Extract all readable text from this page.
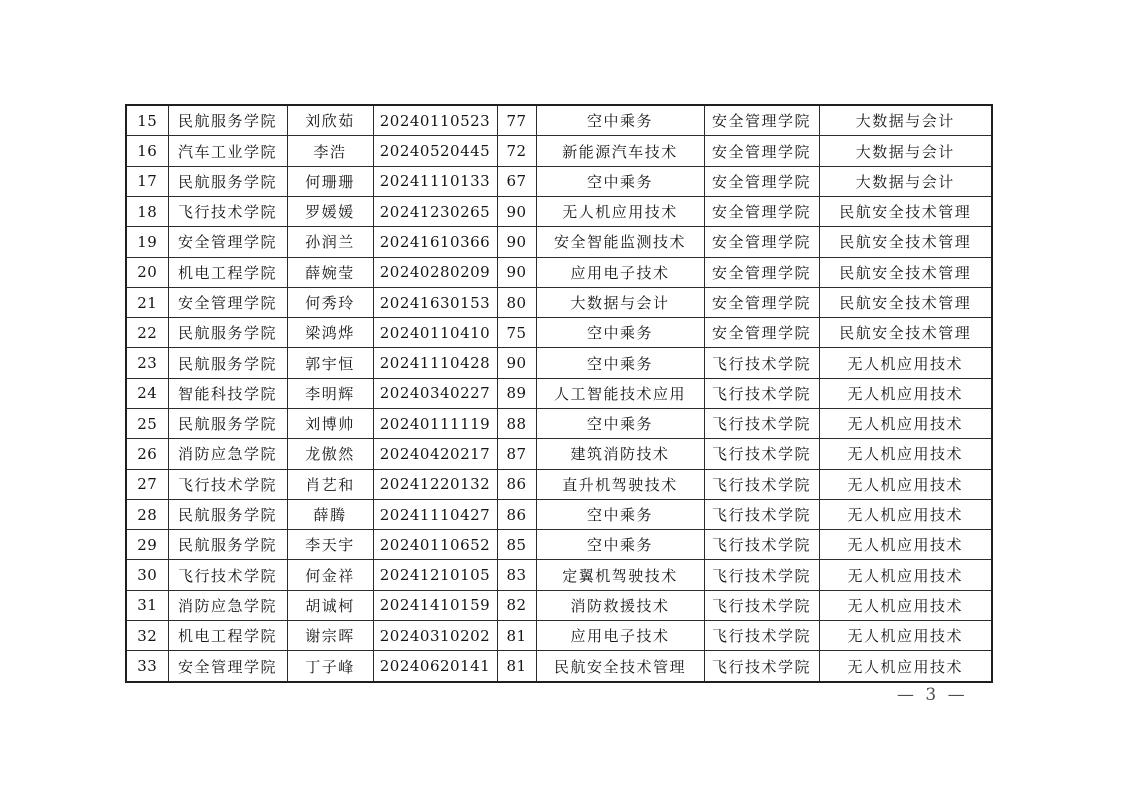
15	民航服务学院	刘欣茹	20240110523	77	空中乘务	安全管理学院	大数据与会计
16	汽车工业学院	李浩	20240520445	72	新能源汽车技术	安全管理学院	大数据与会计
17	民航服务学院	何珊珊	20241110133	67	空中乘务	安全管理学院	大数据与会计
18	飞行技术学院	罗媛媛	20241230265	90	无人机应用技术	安全管理学院	民航安全技术管理
19	安全管理学院	孙润兰	20241610366	90	安全智能监测技术	安全管理学院	民航安全技术管理
20	机电工程学院	薛婉莹	20240280209	90	应用电子技术	安全管理学院	民航安全技术管理
21	安全管理学院	何秀玲	20241630153	80	大数据与会计	安全管理学院	民航安全技术管理
22	民航服务学院	梁鸿烨	20240110410	75	空中乘务	安全管理学院	民航安全技术管理
23	民航服务学院	郭宇恒	20241110428	90	空中乘务	飞行技术学院	无人机应用技术
24	智能科技学院	李明辉	20240340227	89	人工智能技术应用	飞行技术学院	无人机应用技术
25	民航服务学院	刘博帅	20240111119	88	空中乘务	飞行技术学院	无人机应用技术
26	消防应急学院	龙傲然	20240420217	87	建筑消防技术	飞行技术学院	无人机应用技术
27	飞行技术学院	肖艺和	20241220132	86	直升机驾驶技术	飞行技术学院	无人机应用技术
28	民航服务学院	薛腾	20241110427	86	空中乘务	飞行技术学院	无人机应用技术
29	民航服务学院	李天宇	20240110652	85	空中乘务	飞行技术学院	无人机应用技术
30	飞行技术学院	何金祥	20241210105	83	定翼机驾驶技术	飞行技术学院	无人机应用技术
31	消防应急学院	胡诚柯	20241410159	82	消防救援技术	飞行技术学院	无人机应用技术
32	机电工程学院	谢宗晖	20240310202	81	应用电子技术	飞行技术学院	无人机应用技术
33	安全管理学院	丁子峰	20240620141	81	民航安全技术管理	飞行技术学院	无人机应用技术
— 3 —
